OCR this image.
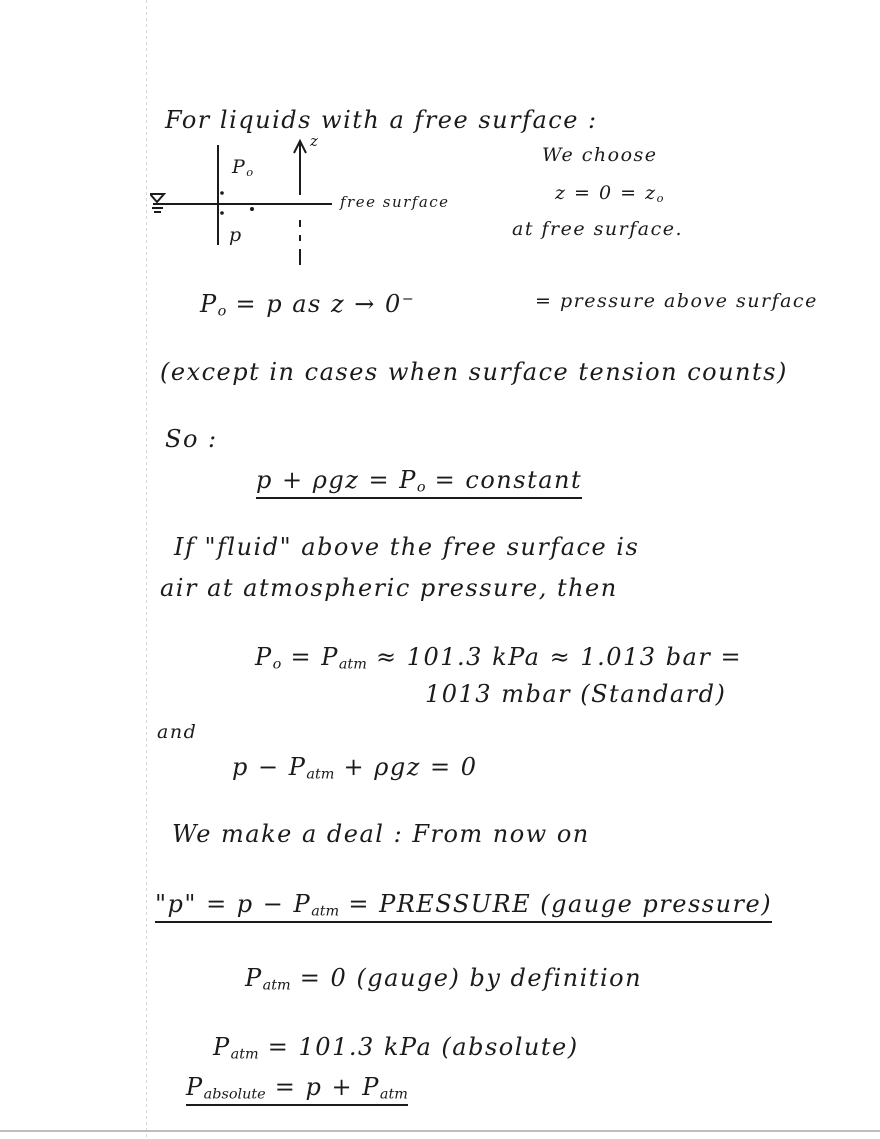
For liquids with a free surface :
$P_o$
p
z
free surface
We choose
$z = 0 = z_o$
at free surface.
$P_o = p$ as z → 0−	= pressure above surface
(except in cases when surface tension counts)
So :
$p + \rho gz = P_o$ = constant
If "fluid" above the free surface is
air at atmospheric pressure, then
$P_o = P_{atm} \approx 101.3$ kPa ≈ 1.013 bar =
1013 mbar (Standard)
and
$p - P_{atm} + \rho gz = 0$
We make a deal : From now on
"p" = $p - P_{atm}$ = PRESSURE (gauge pressure)
$P_{atm} = 0$ (gauge) by definition
$P_{atm} = 101.3$ kPa (absolute)
$P_{absolute} = p + P_{atm}$
